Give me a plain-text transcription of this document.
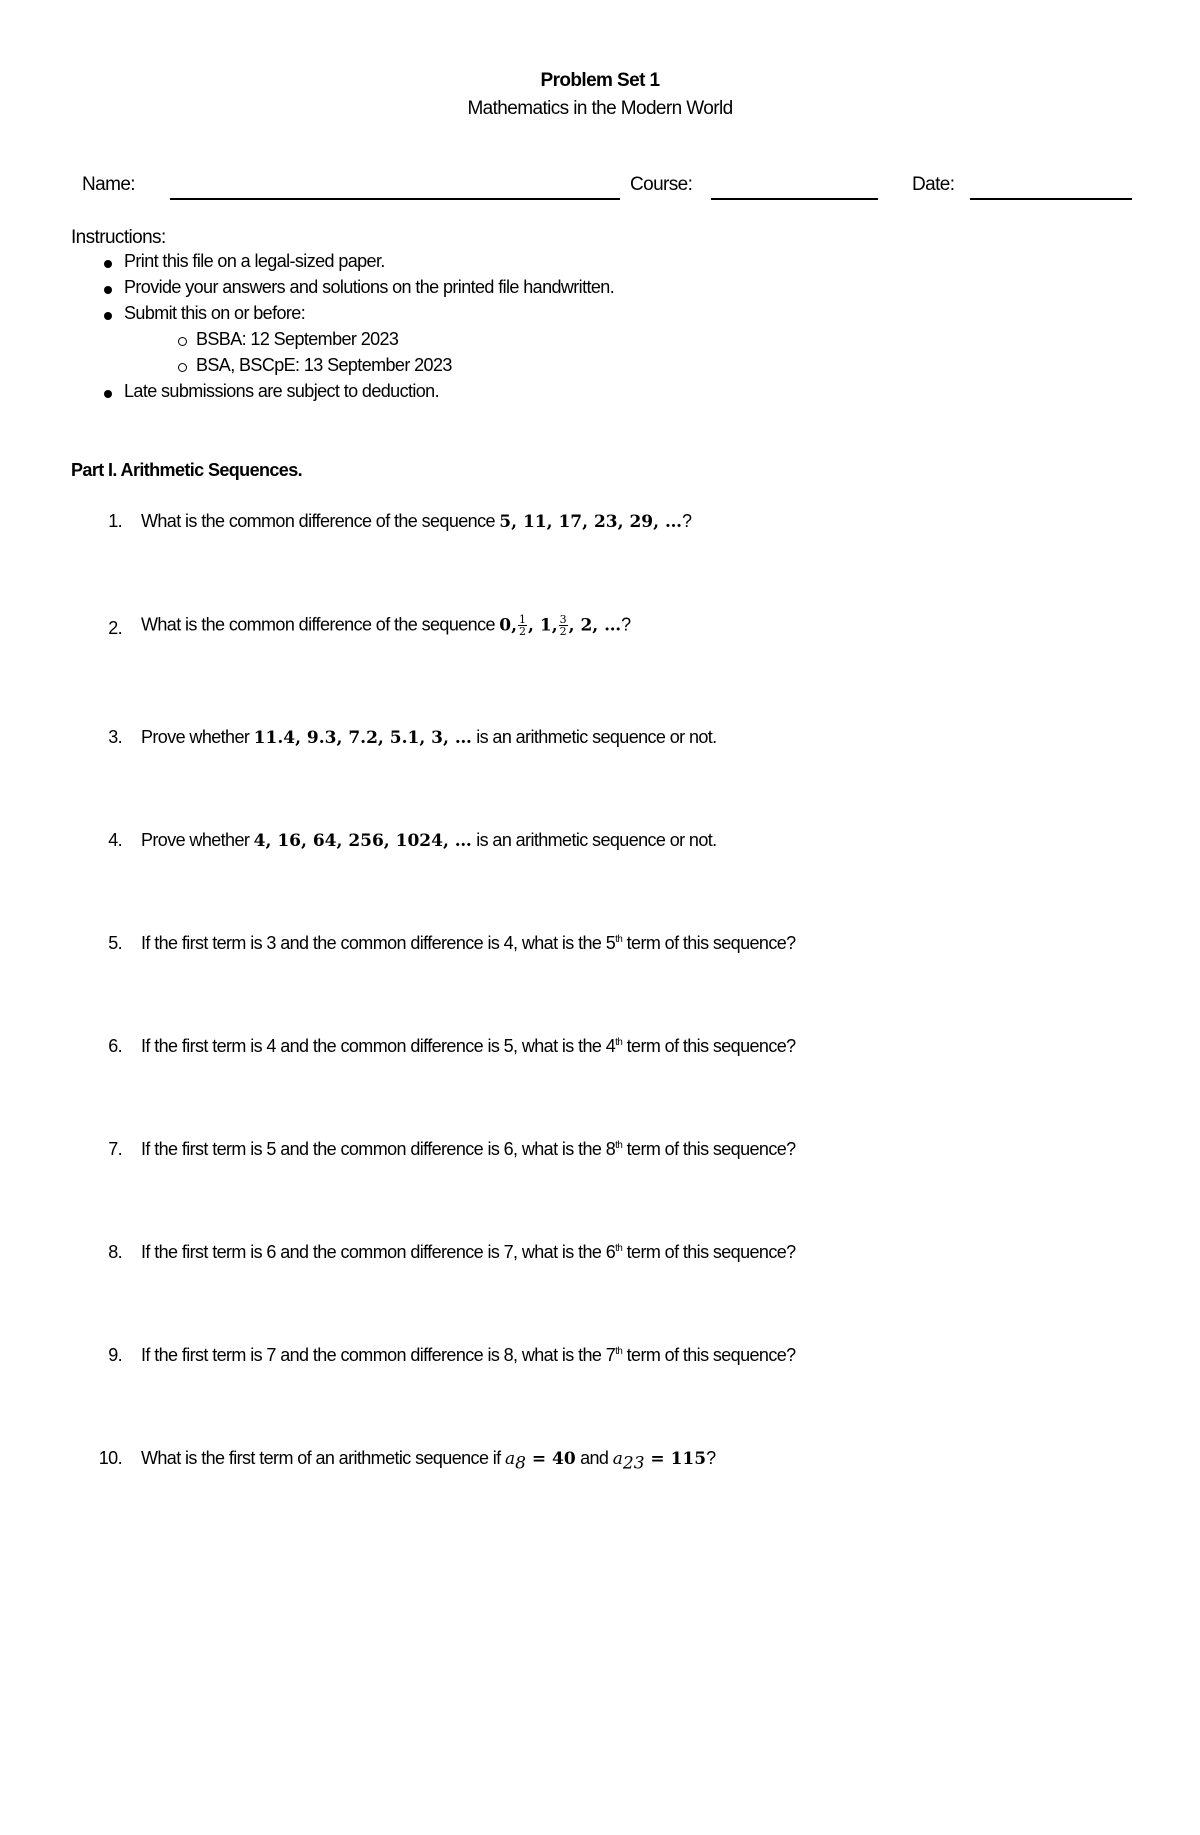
Problem Set 1
Mathematics in the Modern World
Name:	Course:	Date:
Instructions:
Print this file on a legal-sized paper.
Provide your answers and solutions on the printed file handwritten.
Submit this on or before:
BSBA: 12 September 2023
BSA, BSCpE: 13 September 2023
Late submissions are subject to deduction.
Part I. Arithmetic Sequences.
1. What is the common difference of the sequence 5, 11, 17, 23, 29, …?
2. What is the common difference of the sequence 0, $\frac{1}{2}$ , 1, $\frac{3}{2}$ , 2, …?
3. Prove whether 11.4, 9.3, 7.2, 5.1, 3, … is an arithmetic sequence or not.
4. Prove whether 4, 16, 64, 256, 1024, … is an arithmetic sequence or not.
5. If the first term is 3 and the common difference is 4, what is the 5th term of this sequence?
6. If the first term is 4 and the common difference is 5, what is the 4th term of this sequence?
7. If the first term is 5 and the common difference is 6, what is the 8th term of this sequence?
8. If the first term is 6 and the common difference is 7, what is the 6th term of this sequence?
9. If the first term is 7 and the common difference is 8, what is the 7th term of this sequence?
10. What is the first term of an arithmetic sequence if $a_8 = 40$ and $a_{23} = 115$?
